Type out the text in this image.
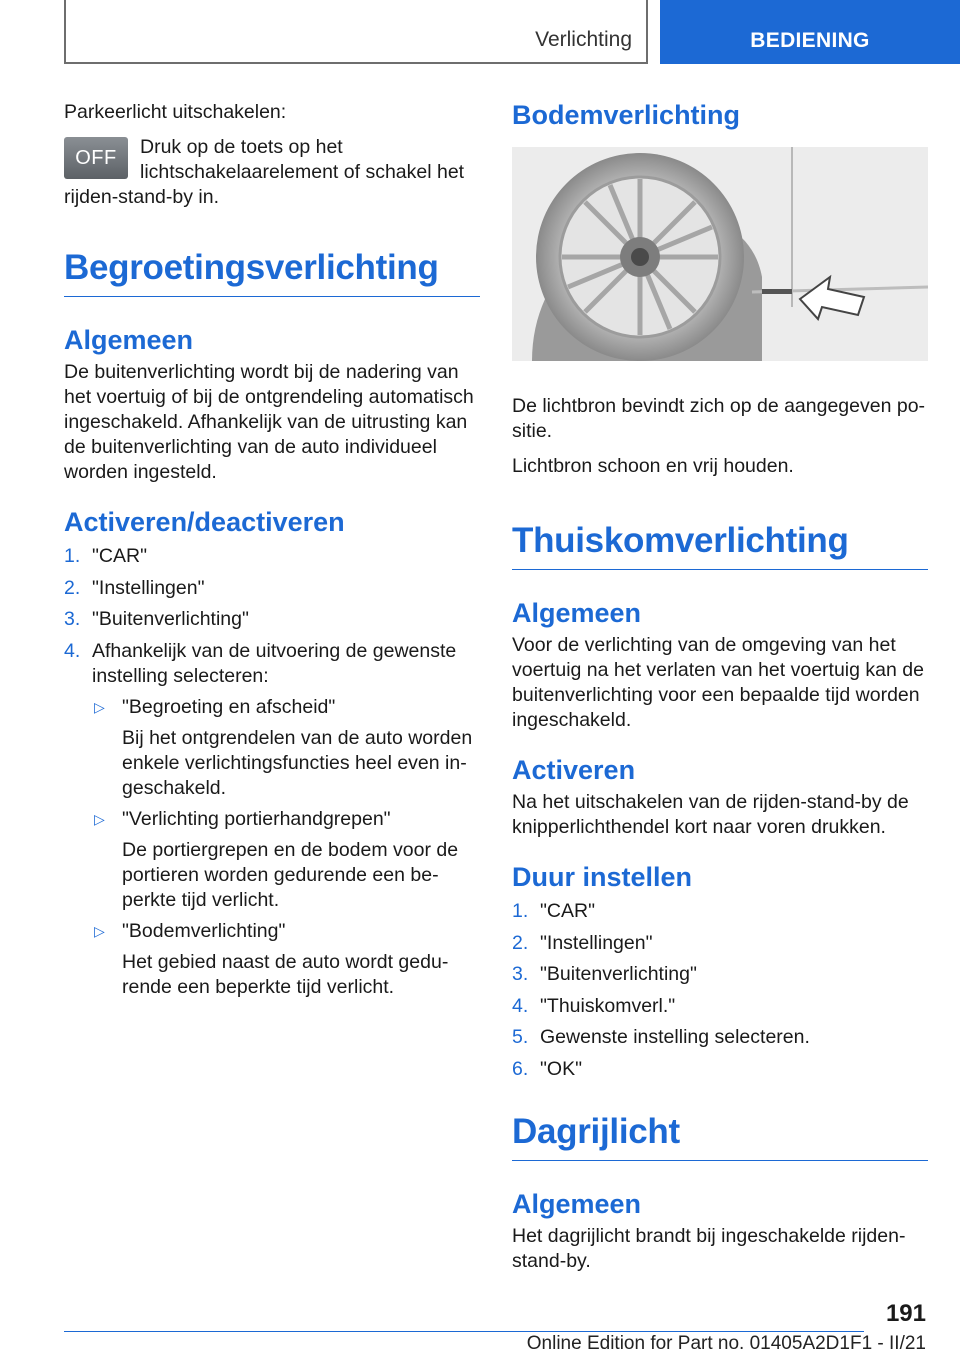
Verlichting	BEDIENING

Parkeerlicht uitschakelen:

OFF	Druk op de toets op het lichtschakelaarelement of schakel het rijden-stand-by in.

Begroetingsverlichting
Algemeen

De buitenverlichting wordt bij de nadering van het voertuig of bij de ontgrendeling automatisch ingeschakeld. Afhankelijk van de uitrusting kan de buitenverlichting van de auto individueel worden ingesteld.

Activeren/deactiveren
1. "CAR"
2. "Instellingen"
3. "Buitenverlichting"
4. Afhankelijk van de uitvoering de gewenste instelling selecteren:
▷ "Begroeting en afscheid"
Bij het ontgrendelen van de auto worden enkele verlichtingsfuncties heel even ingeschakeld.
▷ "Verlichting portierhandgrepen"
De portiergrepen en de bodem voor de portieren worden gedurende een beperkte tijd verlicht.
▷ "Bodemverlichting"
Het gebied naast de auto wordt gedurende een beperkte tijd verlicht.
Bodemverlichting

De lichtbron bevindt zich op de aangegeven positie.

Lichtbron schoon en vrij houden.

Thuiskomverlichting
Algemeen

Voor de verlichting van de omgeving van het voertuig na het verlaten van het voertuig kan de buitenverlichting voor een bepaalde tijd worden ingeschakeld.

Activeren

Na het uitschakelen van de rijden-stand-by de knipperlichthendel kort naar voren drukken.

Duur instellen
1. "CAR"
2. "Instellingen"
3. "Buitenverlichting"
4. "Thuiskomverl."
5. Gewenste instelling selecteren.
6. "OK"
Dagrijlicht
Algemeen

Het dagrijlicht brandt bij ingeschakelde rijdenstand-by.

191
Online Edition for Part no. 01405A2D1F1 - II/21
